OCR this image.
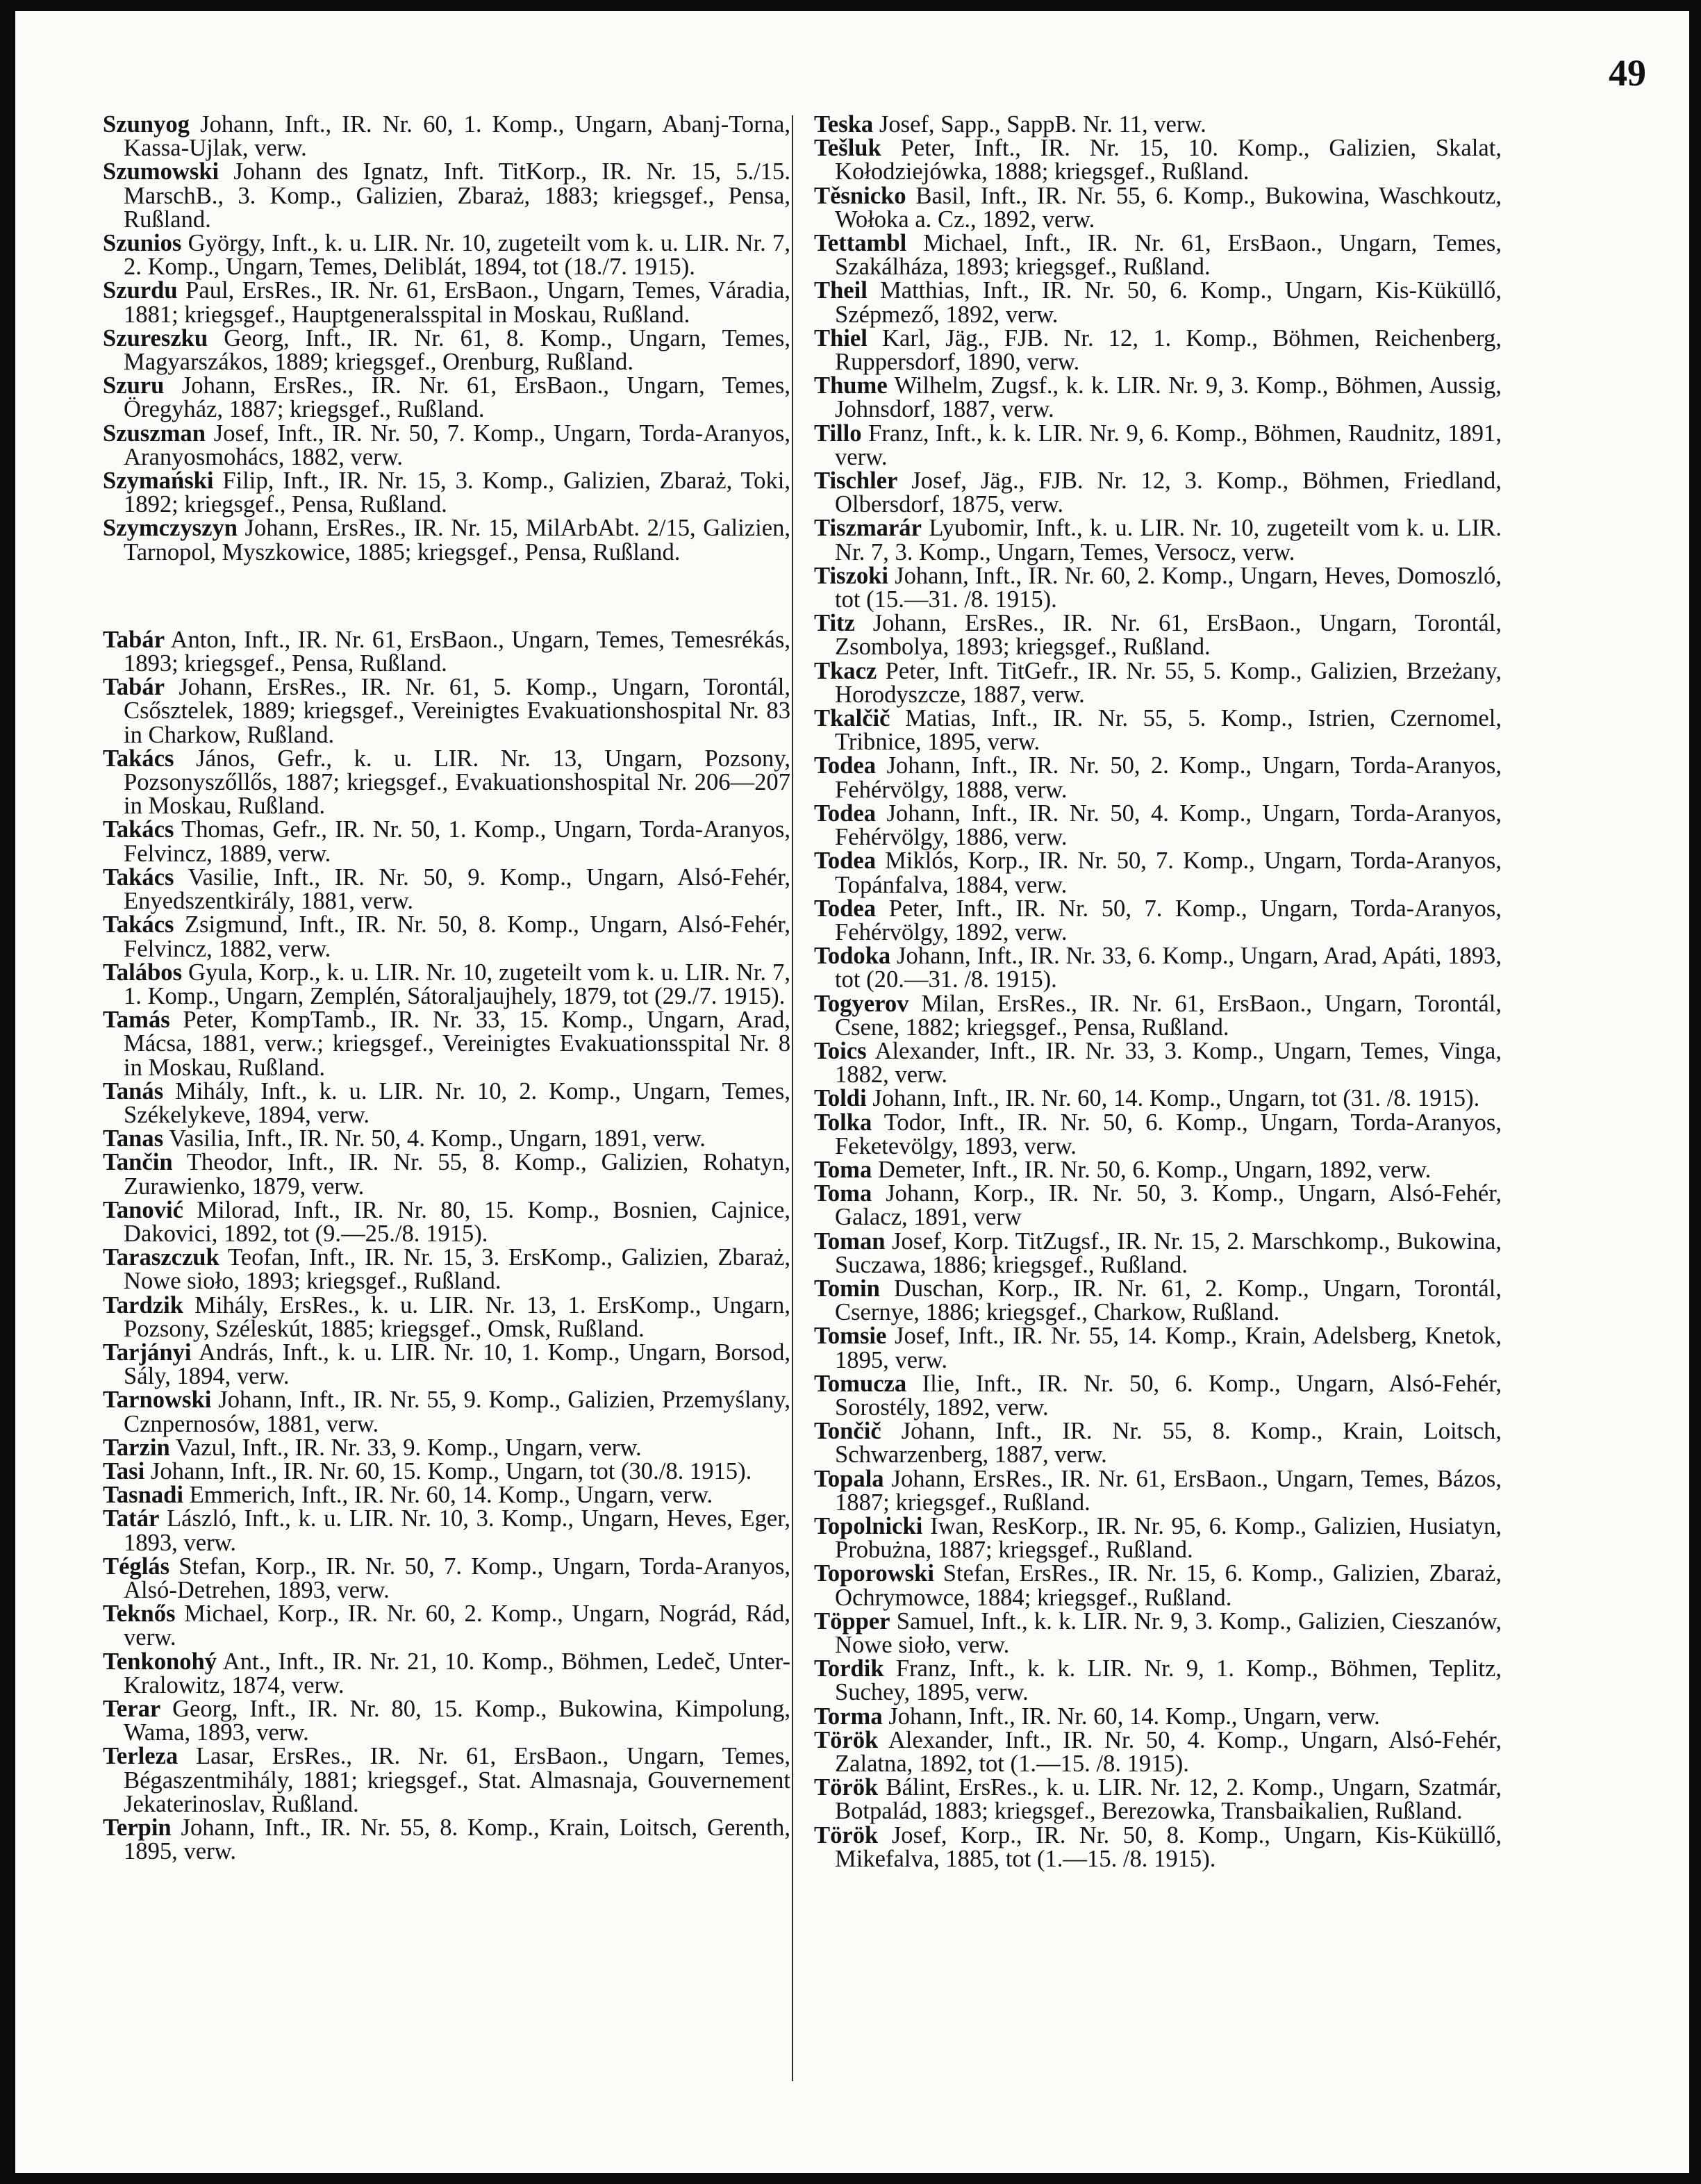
49

Szunyog Johann, Inft., IR. Nr. 60, 1. Komp., Ungarn, Abanj-Torna, Kassa-Ujlak, verw.

Szumowski Johann des Ignatz, Inft. TitKorp., IR. Nr. 15, 5./15. MarschB., 3. Komp., Galizien, Zbaraż, 1883; kriegsgef., Pensa, Rußland.

Szunios György, Inft., k. u. LIR. Nr. 10, zugeteilt vom k. u. LIR. Nr. 7, 2. Komp., Ungarn, Temes, Deliblát, 1894, tot (18./7. 1915).

Szurdu Paul, ErsRes., IR. Nr. 61, ErsBaon., Ungarn, Temes, Váradia, 1881; kriegsgef., Hauptgeneralsspital in Moskau, Rußland.

Szureszku Georg, Inft., IR. Nr. 61, 8. Komp., Ungarn, Temes, Magyarszákos, 1889; kriegsgef., Orenburg, Rußland.

Szuru Johann, ErsRes., IR. Nr. 61, ErsBaon., Ungarn, Temes, Öregyház, 1887; kriegsgef., Rußland.

Szuszman Josef, Inft., IR. Nr. 50, 7. Komp., Ungarn, Torda-Aranyos, Aranyosmohács, 1882, verw.

Szymański Filip, Inft., IR. Nr. 15, 3. Komp., Galizien, Zbaraż, Toki, 1892; kriegsgef., Pensa, Rußland.

Szymczyszyn Johann, ErsRes., IR. Nr. 15, MilArbAbt. 2/15, Galizien, Tarnopol, Myszkowice, 1885; kriegsgef., Pensa, Rußland.

Tabár Anton, Inft., IR. Nr. 61, ErsBaon., Ungarn, Temes, Temesrékás, 1893; kriegsgef., Pensa, Rußland.

Tabár Johann, ErsRes., IR. Nr. 61, 5. Komp., Ungarn, Torontál, Csősztelek, 1889; kriegsgef., Vereinigtes Evakuationshospital Nr. 83 in Charkow, Rußland.

Takács János, Gefr., k. u. LIR. Nr. 13, Ungarn, Pozsony, Pozsonyszőllős, 1887; kriegsgef., Evakuationshospital Nr. 206—207 in Moskau, Rußland.

Takács Thomas, Gefr., IR. Nr. 50, 1. Komp., Ungarn, Torda-Aranyos, Felvincz, 1889, verw.

Takács Vasilie, Inft., IR. Nr. 50, 9. Komp., Ungarn, Alsó-Fehér, Enyedszentkirály, 1881, verw.

Takács Zsigmund, Inft., IR. Nr. 50, 8. Komp., Ungarn, Alsó-Fehér, Felvincz, 1882, verw.

Talábos Gyula, Korp., k. u. LIR. Nr. 10, zugeteilt vom k. u. LIR. Nr. 7, 1. Komp., Ungarn, Zemplén, Sátoraljaujhely, 1879, tot (29./7. 1915).

Tamás Peter, KompTamb., IR. Nr. 33, 15. Komp., Ungarn, Arad, Mácsa, 1881, verw.; kriegsgef., Vereinigtes Evakuationsspital Nr. 8 in Moskau, Rußland.

Tanás Mihály, Inft., k. u. LIR. Nr. 10, 2. Komp., Ungarn, Temes, Székelykeve, 1894, verw.

Tanas Vasilia, Inft., IR. Nr. 50, 4. Komp., Ungarn, 1891, verw.

Tančin Theodor, Inft., IR. Nr. 55, 8. Komp., Galizien, Rohatyn, Zurawienko, 1879, verw.

Tanović Milorad, Inft., IR. Nr. 80, 15. Komp., Bosnien, Cajnice, Dakovici, 1892, tot (9.—25./8. 1915).

Taraszczuk Teofan, Inft., IR. Nr. 15, 3. ErsKomp., Galizien, Zbaraż, Nowe sioło, 1893; kriegsgef., Rußland.

Tardzik Mihály, ErsRes., k. u. LIR. Nr. 13, 1. ErsKomp., Ungarn, Pozsony, Széleskút, 1885; kriegsgef., Omsk, Rußland.

Tarjányi András, Inft., k. u. LIR. Nr. 10, 1. Komp., Ungarn, Borsod, Sály, 1894, verw.

Tarnowski Johann, Inft., IR. Nr. 55, 9. Komp., Galizien, Przemyślany, Cznpernosów, 1881, verw.

Tarzin Vazul, Inft., IR. Nr. 33, 9. Komp., Ungarn, verw.

Tasi Johann, Inft., IR. Nr. 60, 15. Komp., Ungarn, tot (30./8. 1915).

Tasnadi Emmerich, Inft., IR. Nr. 60, 14. Komp., Ungarn, verw.

Tatár László, Inft., k. u. LIR. Nr. 10, 3. Komp., Ungarn, Heves, Eger, 1893, verw.

Téglás Stefan, Korp., IR. Nr. 50, 7. Komp., Ungarn, Torda-Aranyos, Alsó-Detrehen, 1893, verw.

Teknős Michael, Korp., IR. Nr. 60, 2. Komp., Ungarn, Nográd, Rád, verw.

Tenkonohý Ant., Inft., IR. Nr. 21, 10. Komp., Böhmen, Ledeč, Unter-Kralowitz, 1874, verw.

Terar Georg, Inft., IR. Nr. 80, 15. Komp., Bukowina, Kimpolung, Wama, 1893, verw.

Terleza Lasar, ErsRes., IR. Nr. 61, ErsBaon., Ungarn, Temes, Bégaszentmihály, 1881; kriegsgef., Stat. Almasnaja, Gouvernement Jekaterinoslav, Rußland.

Terpin Johann, Inft., IR. Nr. 55, 8. Komp., Krain, Loitsch, Gerenth, 1895, verw.

Teska Josef, Sapp., SappB. Nr. 11, verw.

Tešluk Peter, Inft., IR. Nr. 15, 10. Komp., Galizien, Skalat, Kołodziejówka, 1888; kriegsgef., Rußland.

Těsnicko Basil, Inft., IR. Nr. 55, 6. Komp., Bukowina, Waschkoutz, Wołoka a. Cz., 1892, verw.

Tettambl Michael, Inft., IR. Nr. 61, ErsBaon., Ungarn, Temes, Szakálháza, 1893; kriegsgef., Rußland.

Theil Matthias, Inft., IR. Nr. 50, 6. Komp., Ungarn, Kis-Küküllő, Szépmező, 1892, verw.

Thiel Karl, Jäg., FJB. Nr. 12, 1. Komp., Böhmen, Reichenberg, Ruppersdorf, 1890, verw.

Thume Wilhelm, Zugsf., k. k. LIR. Nr. 9, 3. Komp., Böhmen, Aussig, Johnsdorf, 1887, verw.

Tillo Franz, Inft., k. k. LIR. Nr. 9, 6. Komp., Böhmen, Raudnitz, 1891, verw.

Tischler Josef, Jäg., FJB. Nr. 12, 3. Komp., Böhmen, Friedland, Olbersdorf, 1875, verw.

Tiszmarár Lyubomir, Inft., k. u. LIR. Nr. 10, zugeteilt vom k. u. LIR. Nr. 7, 3. Komp., Ungarn, Temes, Versocz, verw.

Tiszoki Johann, Inft., IR. Nr. 60, 2. Komp., Ungarn, Heves, Domoszló, tot (15.—31. /8. 1915).

Titz Johann, ErsRes., IR. Nr. 61, ErsBaon., Ungarn, Torontál, Zsombolya, 1893; kriegsgef., Rußland.

Tkacz Peter, Inft. TitGefr., IR. Nr. 55, 5. Komp., Galizien, Brzeżany, Horodyszcze, 1887, verw.

Tkalčič Matias, Inft., IR. Nr. 55, 5. Komp., Istrien, Czernomel, Tribnice, 1895, verw.

Todea Johann, Inft., IR. Nr. 50, 2. Komp., Ungarn, Torda-Aranyos, Fehérvölgy, 1888, verw.

Todea Johann, Inft., IR. Nr. 50, 4. Komp., Ungarn, Torda-Aranyos, Fehérvölgy, 1886, verw.

Todea Miklós, Korp., IR. Nr. 50, 7. Komp., Ungarn, Torda-Aranyos, Topánfalva, 1884, verw.

Todea Peter, Inft., IR. Nr. 50, 7. Komp., Ungarn, Torda-Aranyos, Fehérvölgy, 1892, verw.

Todoka Johann, Inft., IR. Nr. 33, 6. Komp., Ungarn, Arad, Apáti, 1893, tot (20.—31. /8. 1915).

Togyerov Milan, ErsRes., IR. Nr. 61, ErsBaon., Ungarn, Torontál, Csene, 1882; kriegsgef., Pensa, Rußland.

Toics Alexander, Inft., IR. Nr. 33, 3. Komp., Ungarn, Temes, Vinga, 1882, verw.

Toldi Johann, Inft., IR. Nr. 60, 14. Komp., Ungarn, tot (31. /8. 1915).

Tolka Todor, Inft., IR. Nr. 50, 6. Komp., Ungarn, Torda-Aranyos, Feketevölgy, 1893, verw.

Toma Demeter, Inft., IR. Nr. 50, 6. Komp., Ungarn, 1892, verw.

Toma Johann, Korp., IR. Nr. 50, 3. Komp., Ungarn, Alsó-Fehér, Galacz, 1891, verw

Toman Josef, Korp. TitZugsf., IR. Nr. 15, 2. Marschkomp., Bukowina, Suczawa, 1886; kriegsgef., Rußland.

Tomin Duschan, Korp., IR. Nr. 61, 2. Komp., Ungarn, Torontál, Csernye, 1886; kriegsgef., Charkow, Rußland.

Tomsie Josef, Inft., IR. Nr. 55, 14. Komp., Krain, Adelsberg, Knetok, 1895, verw.

Tomucza Ilie, Inft., IR. Nr. 50, 6. Komp., Ungarn, Alsó-Fehér, Sorostély, 1892, verw.

Tončič Johann, Inft., IR. Nr. 55, 8. Komp., Krain, Loitsch, Schwarzenberg, 1887, verw.

Topala Johann, ErsRes., IR. Nr. 61, ErsBaon., Ungarn, Temes, Bázos, 1887; kriegsgef., Rußland.

Topolnicki Iwan, ResKorp., IR. Nr. 95, 6. Komp., Galizien, Husiatyn, Probużna, 1887; kriegsgef., Rußland.

Toporowski Stefan, ErsRes., IR. Nr. 15, 6. Komp., Galizien, Zbaraż, Ochrymowce, 1884; kriegsgef., Rußland.

Töpper Samuel, Inft., k. k. LIR. Nr. 9, 3. Komp., Galizien, Cieszanów, Nowe sioło, verw.

Tordik Franz, Inft., k. k. LIR. Nr. 9, 1. Komp., Böhmen, Teplitz, Suchey, 1895, verw.

Torma Johann, Inft., IR. Nr. 60, 14. Komp., Ungarn, verw.

Török Alexander, Inft., IR. Nr. 50, 4. Komp., Ungarn, Alsó-Fehér, Zalatna, 1892, tot (1.—15. /8. 1915).

Török Bálint, ErsRes., k. u. LIR. Nr. 12, 2. Komp., Ungarn, Szatmár, Botpalád, 1883; kriegsgef., Berezowka, Transbaikalien, Rußland.

Török Josef, Korp., IR. Nr. 50, 8. Komp., Ungarn, Kis-Küküllő, Mikefalva, 1885, tot (1.—15. /8. 1915).
